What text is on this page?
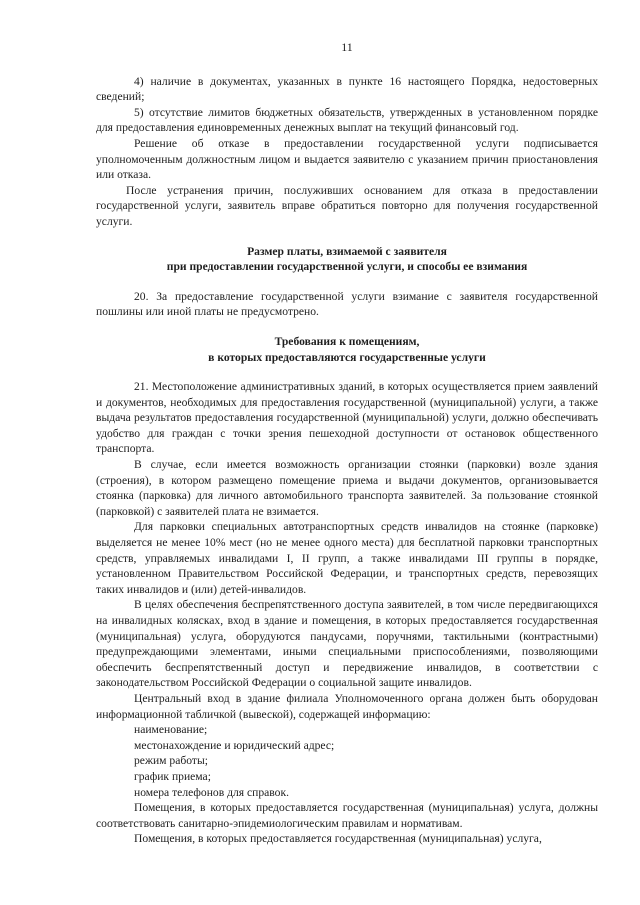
11

4) наличие в документах, указанных в пункте 16 настоящего Порядка, недостоверных сведений;

5) отсутствие лимитов бюджетных обязательств, утвержденных в установленном порядке для предоставления единовременных денежных выплат на текущий финансовый год.

Решение об отказе в предоставлении государственной услуги подписывается уполномоченным должностным лицом и выдается заявителю с указанием причин приостановления или отказа.

После устранения причин, послуживших основанием для отказа в предоставлении государственной услуги, заявитель вправе обратиться повторно для получения государственной услуги.

Размер платы, взимаемой с заявителя

при предоставлении государственной услуги, и способы ее взимания

20. За предоставление государственной услуги взимание с заявителя государственной пошлины или иной платы не предусмотрено.

Требования к помещениям,

в которых предоставляются государственные услуги

21. Местоположение административных зданий, в которых осуществляется прием заявлений и документов, необходимых для предоставления государственной (муниципальной) услуги, а также выдача результатов предоставления государственной (муниципальной) услуги, должно обеспечивать удобство для граждан с точки зрения пешеходной доступности от остановок общественного транспорта.

В случае, если имеется возможность организации стоянки (парковки) возле здания (строения), в котором размещено помещение приема и выдачи документов, организовывается стоянка (парковка) для личного автомобильного транспорта заявителей. За пользование стоянкой (парковкой) с заявителей плата не взимается.

Для парковки специальных автотранспортных средств инвалидов на стоянке (парковке) выделяется не менее 10% мест (но не менее одного места) для бесплатной парковки транспортных средств, управляемых инвалидами I, II групп, а также инвалидами III группы в порядке, установленном Правительством Российской Федерации, и транспортных средств, перевозящих таких инвалидов и (или) детей-инвалидов.

В целях обеспечения беспрепятственного доступа заявителей, в том числе передвигающихся на инвалидных колясках, вход в здание и помещения, в которых предоставляется государственная (муниципальная) услуга, оборудуются пандусами, поручнями, тактильными (контрастными) предупреждающими элементами, иными специальными приспособлениями, позволяющими обеспечить беспрепятственный доступ и передвижение инвалидов, в соответствии с законодательством Российской Федерации о социальной защите инвалидов.

Центральный вход в здание филиала Уполномоченного органа должен быть оборудован информационной табличкой (вывеской), содержащей информацию:

наименование;

местонахождение и юридический адрес;

режим работы;

график приема;

номера телефонов для справок.

Помещения, в которых предоставляется государственная (муниципальная) услуга, должны соответствовать санитарно-эпидемиологическим правилам и нормативам.

Помещения, в которых предоставляется государственная (муниципальная) услуга,
